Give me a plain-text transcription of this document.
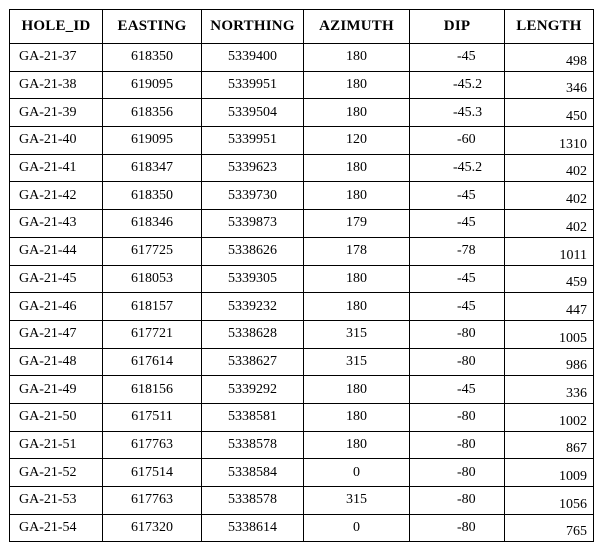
HOLE_ID	EASTING	NORTHING	AZIMUTH	DIP	LENGTH
GA-21-37	618350	5339400	180	-45	498
GA-21-38	619095	5339951	180	-45.2	346
GA-21-39	618356	5339504	180	-45.3	450
GA-21-40	619095	5339951	120	-60	1310
GA-21-41	618347	5339623	180	-45.2	402
GA-21-42	618350	5339730	180	-45	402
GA-21-43	618346	5339873	179	-45	402
GA-21-44	617725	5338626	178	-78	1011
GA-21-45	618053	5339305	180	-45	459
GA-21-46	618157	5339232	180	-45	447
GA-21-47	617721	5338628	315	-80	1005
GA-21-48	617614	5338627	315	-80	986
GA-21-49	618156	5339292	180	-45	336
GA-21-50	617511	5338581	180	-80	1002
GA-21-51	617763	5338578	180	-80	867
GA-21-52	617514	5338584	0	-80	1009
GA-21-53	617763	5338578	315	-80	1056
GA-21-54	617320	5338614	0	-80	765
